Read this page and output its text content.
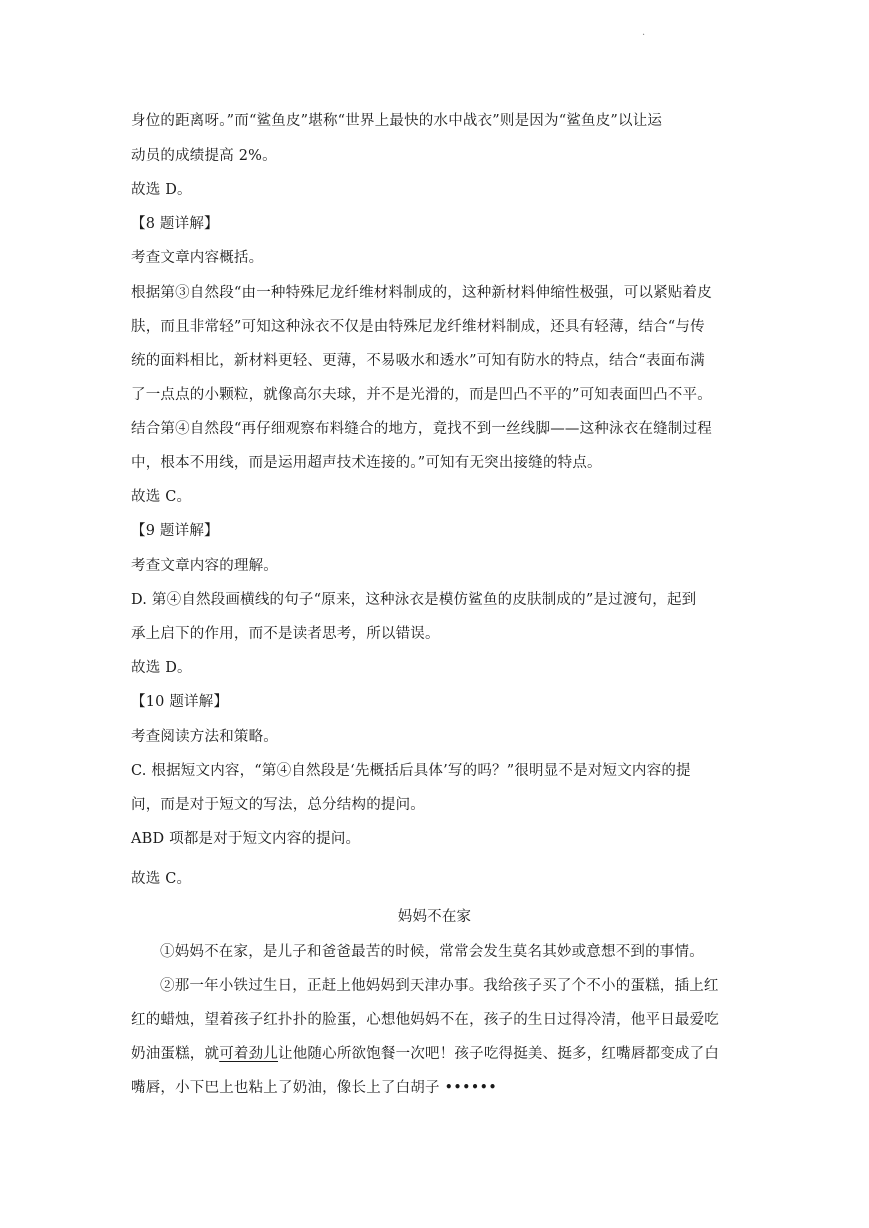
·
身位的距离呀。”而“鲨鱼皮”堪称“世界上最快的水中战衣”则是因为“鲨鱼皮”以让运
动员的成绩提高 2%。
故选 D。
【8 题详解】
考查文章内容概括。
根据第③自然段“由一种特殊尼龙纤维材料制成的，这种新材料伸缩性极强，可以紧贴着皮
肤，而且非常轻”可知这种泳衣不仅是由特殊尼龙纤维材料制成，还具有轻薄，结合“与传
统的面料相比，新材料更轻、更薄，不易吸水和透水”可知有防水的特点，结合“表面布满
了一点点的小颗粒，就像高尔夫球，并不是光滑的，而是凹凸不平的”可知表面凹凸不平。
结合第④自然段“再仔细观察布料缝合的地方，竟找不到一丝线脚——这种泳衣在缝制过程
中，根本不用线，而是运用超声技术连接的。”可知有无突出接缝的特点。
故选 C。
【9 题详解】
考查文章内容的理解。
D. 第④自然段画横线的句子“原来，这种泳衣是模仿鲨鱼的皮肤制成的”是过渡句，起到
承上启下的作用，而不是读者思考，所以错误。
故选 D。
【10 题详解】
考查阅读方法和策略。
C. 根据短文内容，“第④自然段是‘先概括后具体’写的吗？”很明显不是对短文内容的提
问，而是对于短文的写法，总分结构的提问。
ABD 项都是对于短文内容的提问。
故选 C。
妈妈不在家
①妈妈不在家，是儿子和爸爸最苦的时候，常常会发生莫名其妙或意想不到的事情。
②那一年小铁过生日，正赶上他妈妈到天津办事。我给孩子买了个不小的蛋糕，插上红
红的蜡烛，望着孩子红扑扑的脸蛋，心想他妈妈不在，孩子的生日过得冷清，他平日最爱吃
奶油蛋糕，就可着劲儿让他随心所欲饱餐一次吧！孩子吃得挺美、挺多，红嘴唇都变成了白
嘴唇，小下巴上也粘上了奶油，像长上了白胡子 ••••••
